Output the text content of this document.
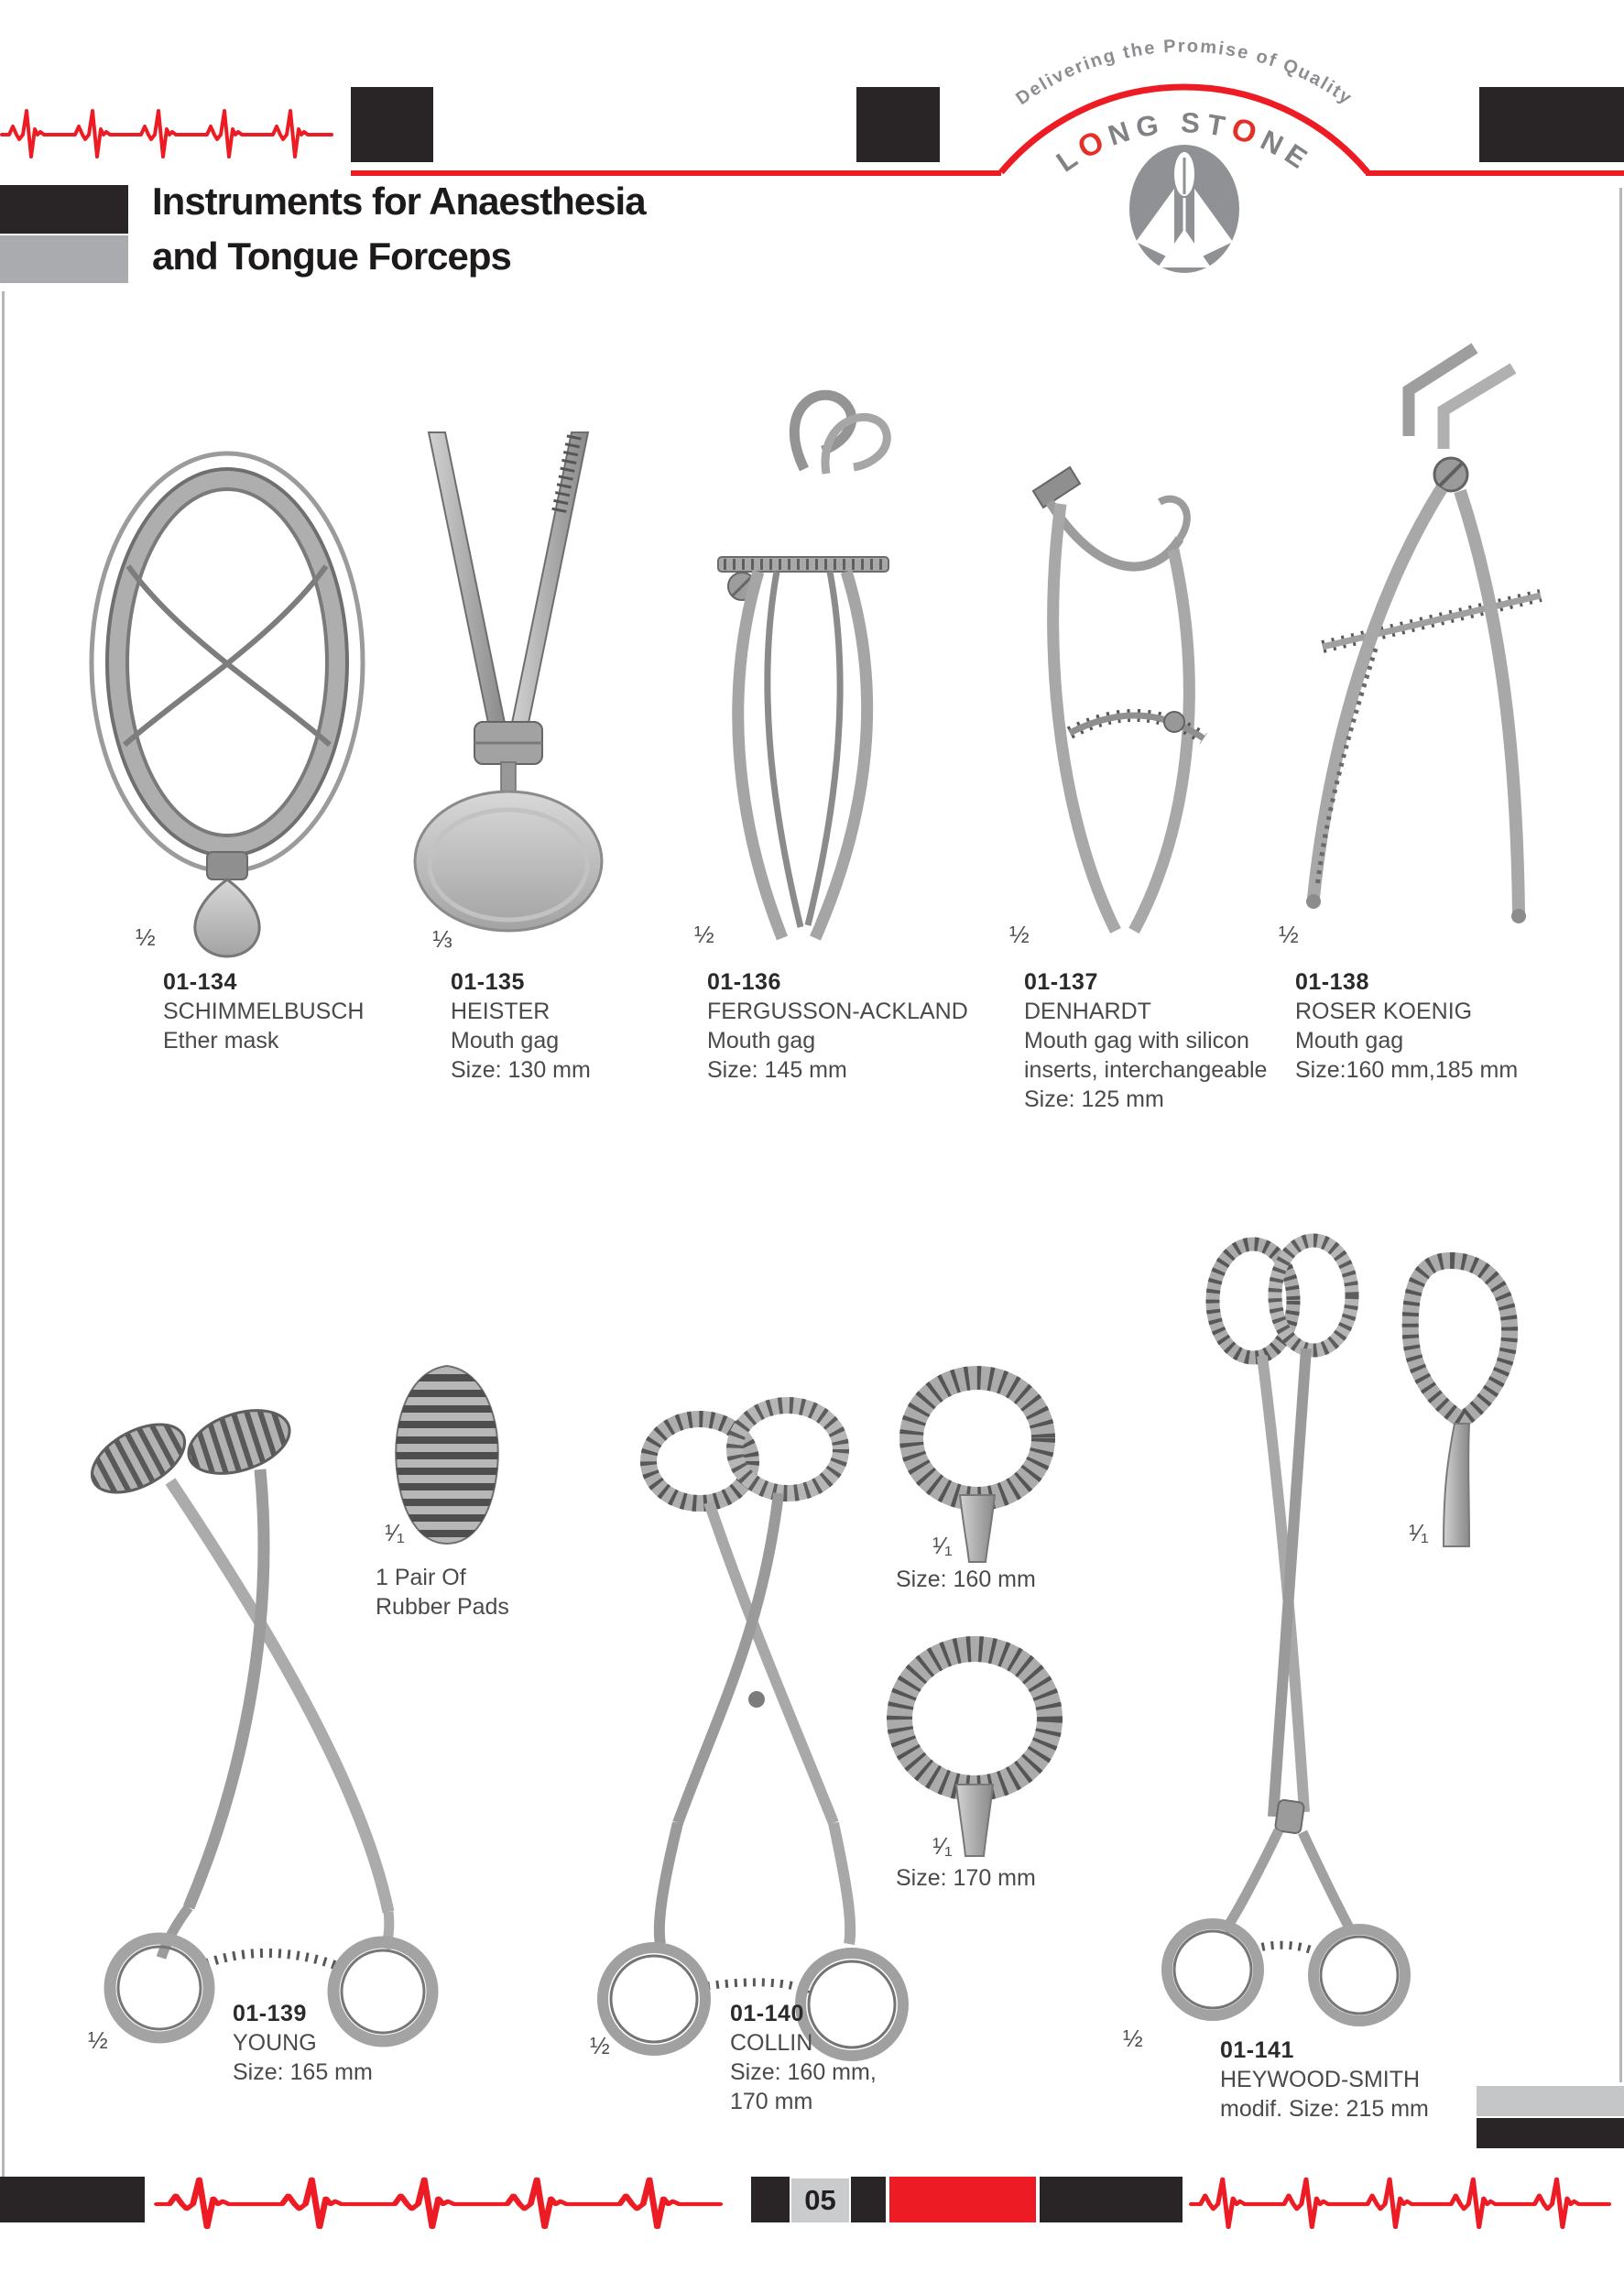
Delivering the Promise of Quality
LONG STONE
Instruments for Anaesthesia
and Tongue Forceps
½	⅓	½	½	½
01-134
SCHIMMELBUSCH
Ether mask
01-135
HEISTER
Mouth gag
Size: 130 mm
01-136
FERGUSSON-ACKLAND
Mouth gag
Size: 145 mm
01-137
DENHARDT
Mouth gag with silicon
inserts, interchangeable
Size: 125 mm
01-138
ROSER KOENIG
Mouth gag
Size:160 mm,185 mm
½	½	½
¹⁄₁	¹⁄₁
¹⁄₁
¹⁄₁
1 Pair Of
Rubber Pads
Size: 160 mm
Size: 170 mm
01-139
YOUNG
Size: 165 mm
01-140
COLLIN
Size: 160 mm,
170 mm
01-141
HEYWOOD-SMITH
modif. Size: 215 mm
05
